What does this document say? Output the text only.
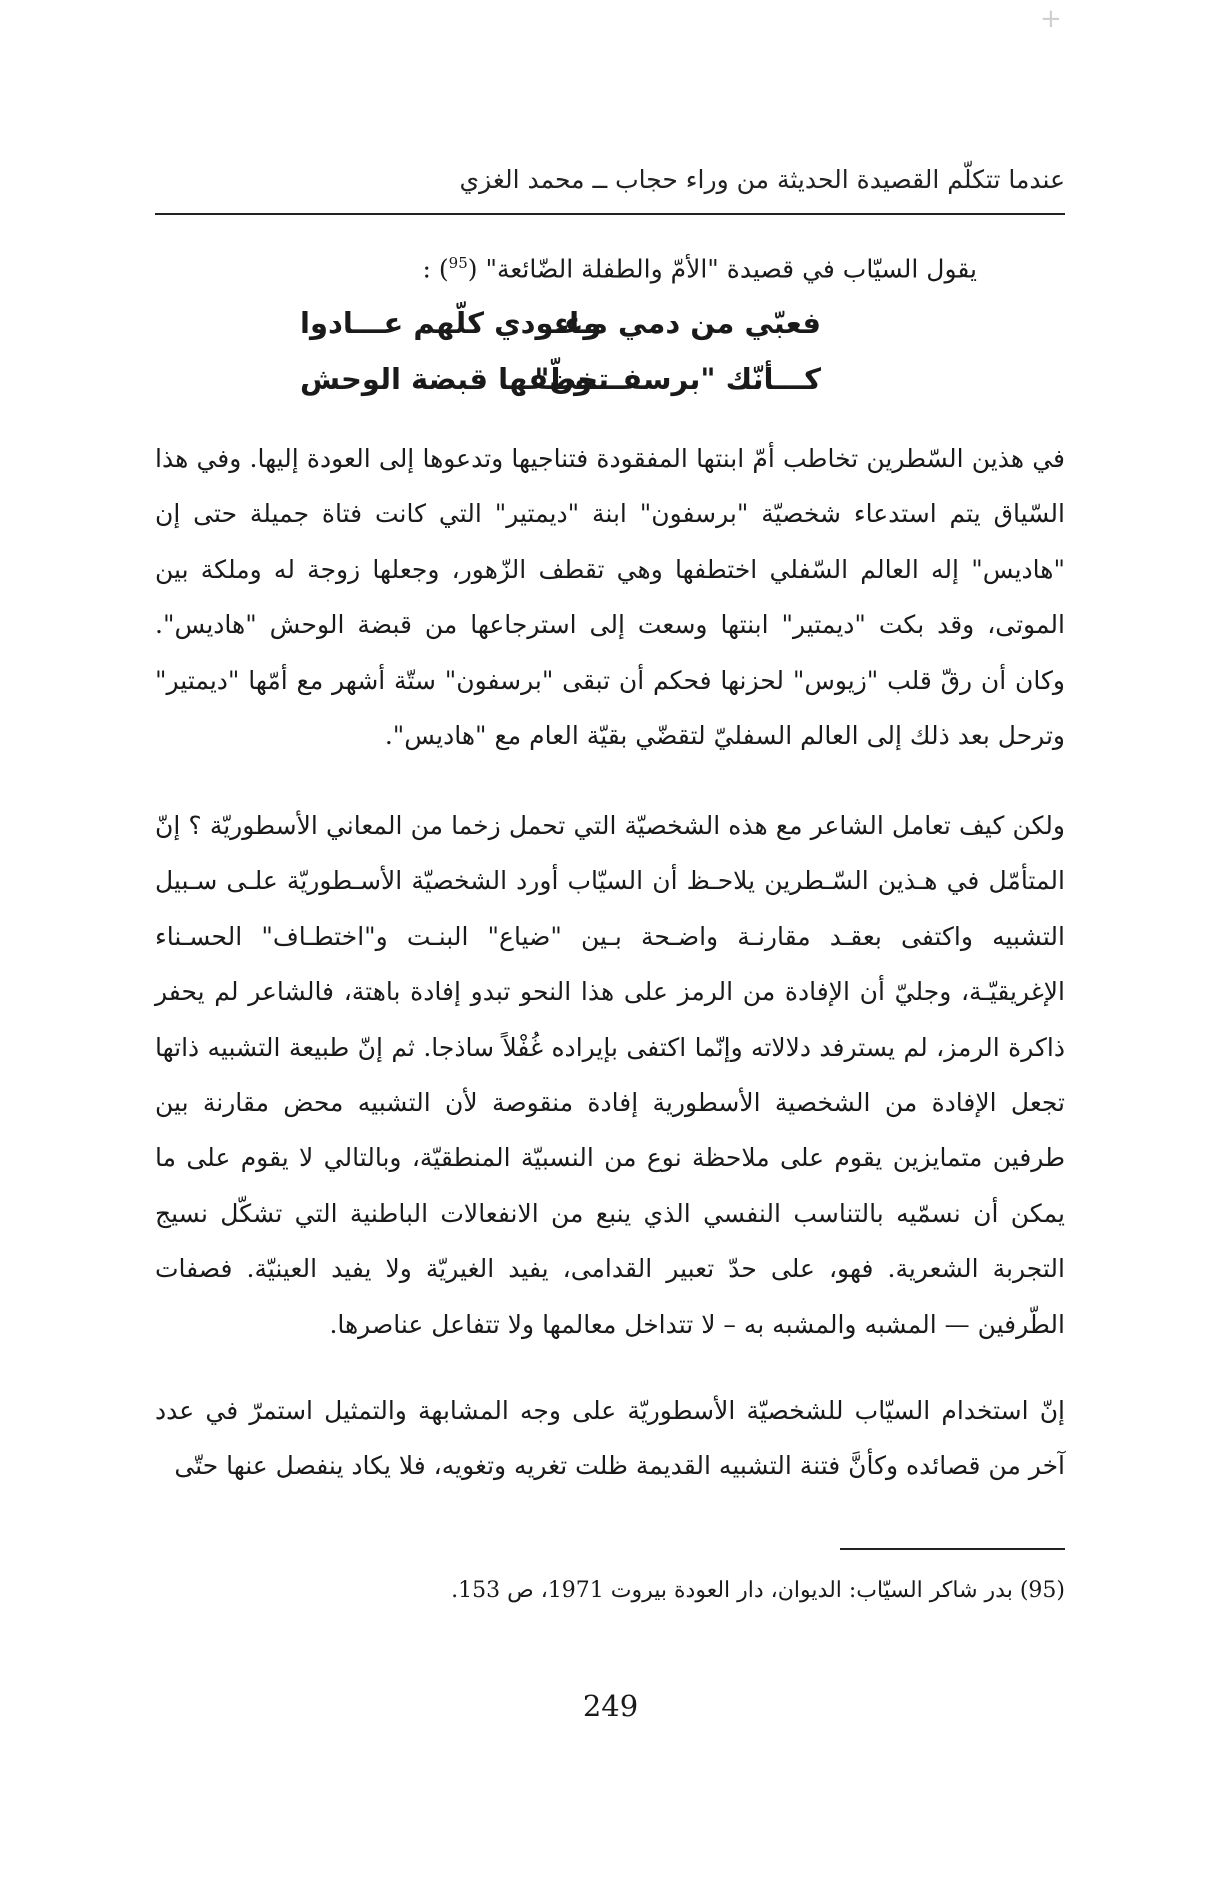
+
عندما تتكلّم القصيدة الحديثة من وراء حجاب ــ محمد الغزي
يقول السيّاب في قصيدة "الأمّ والطفلة الضّائعة" ($^{95}$) :
فعبّي من دمي مـاء
وعـودي كلّهم عـــادوا
كـــأنّك "برسفـــون"
تخطّفها قبضة الوحش

في هذين السّطرين تخاطب أمّ ابنتها المفقودة فتناجيها وتدعوها إلى العودة إليها. وفي هذا السّياق يتم استدعاء شخصيّة "برسفون" ابنة "ديمتير" التي كانت فتاة جميلة حتى إن "هاديس" إله العالم السّفلي اختطفها وهي تقطف الزّهور، وجعلها زوجة له وملكة بين الموتى، وقد بكت "ديمتير" ابنتها وسعت إلى استرجاعها من قبضة الوحش "هاديس". وكان أن رقّ قلب "زيوس" لحزنها فحكم أن تبقى "برسفون" ستّة أشهر مع أمّها "ديمتير" وترحل بعد ذلك إلى العالم السفليّ لتقضّي بقيّة العام مع "هاديس".

ولكن كيف تعامل الشاعر مع هذه الشخصيّة التي تحمل زخما من المعاني الأسطوريّة ؟ إنّ المتأمّل في هـذين السّـطرين يلاحـظ أن السيّاب أورد الشخصيّة الأسـطوريّة علـى سـبيل التشبيه واكتفى بعقـد مقارنـة واضـحة بـين "ضياع" البنـت و"اختطـاف" الحسـناء الإغريقيّـة، وجليّ أن الإفادة من الرمز على هذا النحو تبدو إفادة باهتة، فالشاعر لم يحفر ذاكرة الرمز، لم يسترفد دلالاته وإنّما اكتفى بإيراده غُفْلاً ساذجا. ثم إنّ طبيعة التشبيه ذاتها تجعل الإفادة من الشخصية الأسطورية إفادة منقوصة لأن التشبيه محض مقارنة بين طرفين متمايزين يقوم على ملاحظة نوع من النسبيّة المنطقيّة، وبالتالي لا يقوم على ما يمكن أن نسمّيه بالتناسب النفسي الذي ينبع من الانفعالات الباطنية التي تشكّل نسيج التجربة الشعرية. فهو، على حدّ تعبير القدامى، يفيد الغيريّة ولا يفيد العينيّة. فصفات الطّرفين — المشبه والمشبه به – لا تتداخل معالمها ولا تتفاعل عناصرها.

إنّ استخدام السيّاب للشخصيّة الأسطوريّة على وجه المشابهة والتمثيل استمرّ في عدد آخر من قصائده وكأنَّ فتنة التشبيه القديمة ظلت تغريه وتغويه، فلا يكاد ينفصل عنها حتّى

(95) بدر شاكر السيّاب: الديوان، دار العودة بيروت 1971، ص 153.
249
